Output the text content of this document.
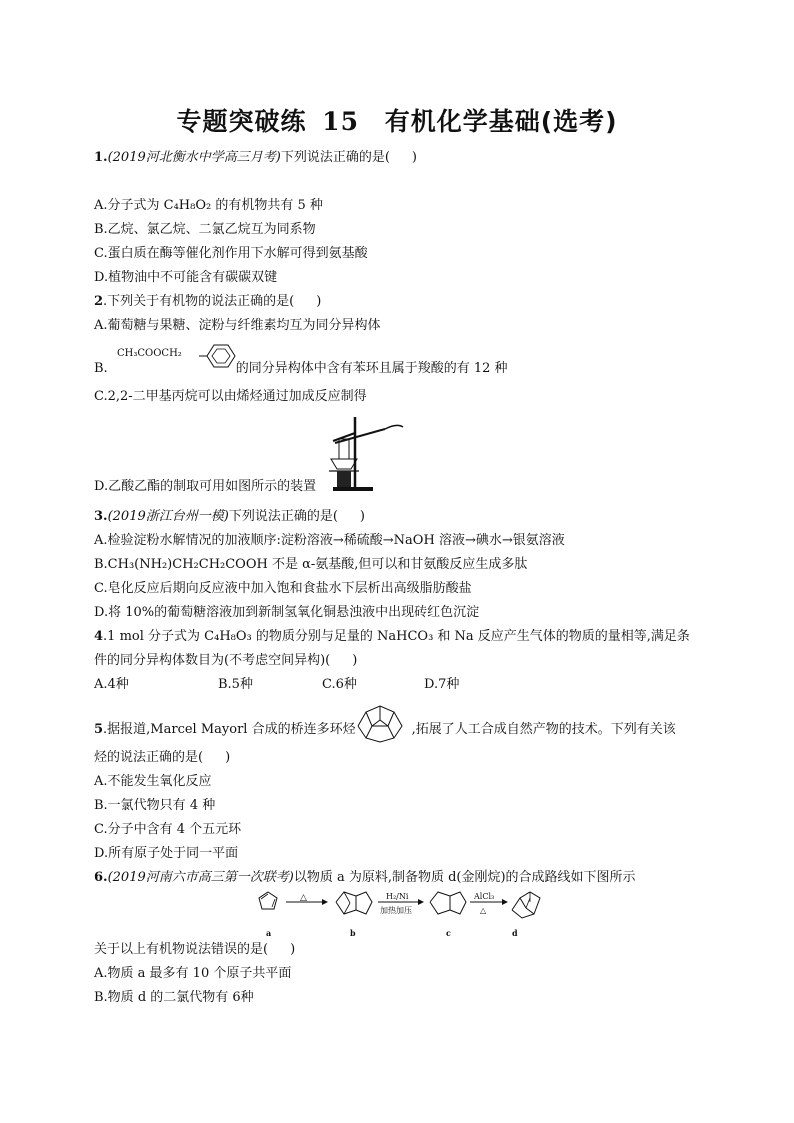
专题突破练 15 有机化学基础(选考)
1.(2019河北衡水中学高三月考)下列说法正确的是( )
A.分子式为 C₄H₈O₂ 的有机物共有 5 种
B.乙烷、氯乙烷、二氯乙烷互为同系物
C.蛋白质在酶等催化剂作用下水解可得到氨基酸
D.植物油中不可能含有碳碳双键
2.下列关于有机物的说法正确的是( )
A.葡萄糖与果糖、淀粉与纤维素均互为同分异构体
B.	的同分异构体中含有苯环且属于羧酸的有 12 种
CH₃COOCH₂
C.2,2-二甲基丙烷可以由烯烃通过加成反应制得
D.乙酸乙酯的制取可用如图所示的装置
3.(2019浙江台州一模)下列说法正确的是( )
A.检验淀粉水解情况的加液顺序:淀粉溶液→稀硫酸→NaOH 溶液→碘水→银氨溶液
B.CH₃(NH₂)CH₂CH₂COOH 不是 α-氨基酸,但可以和甘氨酸反应生成多肽
C.皂化反应后期向反应液中加入饱和食盐水下层析出高级脂肪酸盐
D.将 10%的葡萄糖溶液加到新制氢氧化铜悬浊液中出现砖红色沉淀
4.1 mol 分子式为 C₄H₈O₃ 的物质分别与足量的 NaHCO₃ 和 Na 反应产生气体的物质的量相等,满足条
件的同分异构体数目为(不考虑空间异构)( )
A.4种	B.5种	C.6种	D.7种
5.据报道,Marcel Mayorl 合成的桥连多环烃	,拓展了人工合成自然产物的技术。下列有关该
烃的说法正确的是( )
A.不能发生氧化反应
B.一氯代物只有 4 种
C.分子中含有 4 个五元环
D.所有原子处于同一平面
6.(2019河南六市高三第一次联考)以物质 a 为原料,制备物质 d(金刚烷)的合成路线如下图所示
a	b	c	d
△	H₂/Ni
加热加压
AlCl₃
△
关于以上有机物说法错误的是( )
A.物质 a 最多有 10 个原子共平面
B.物质 d 的二氯代物有 6种
